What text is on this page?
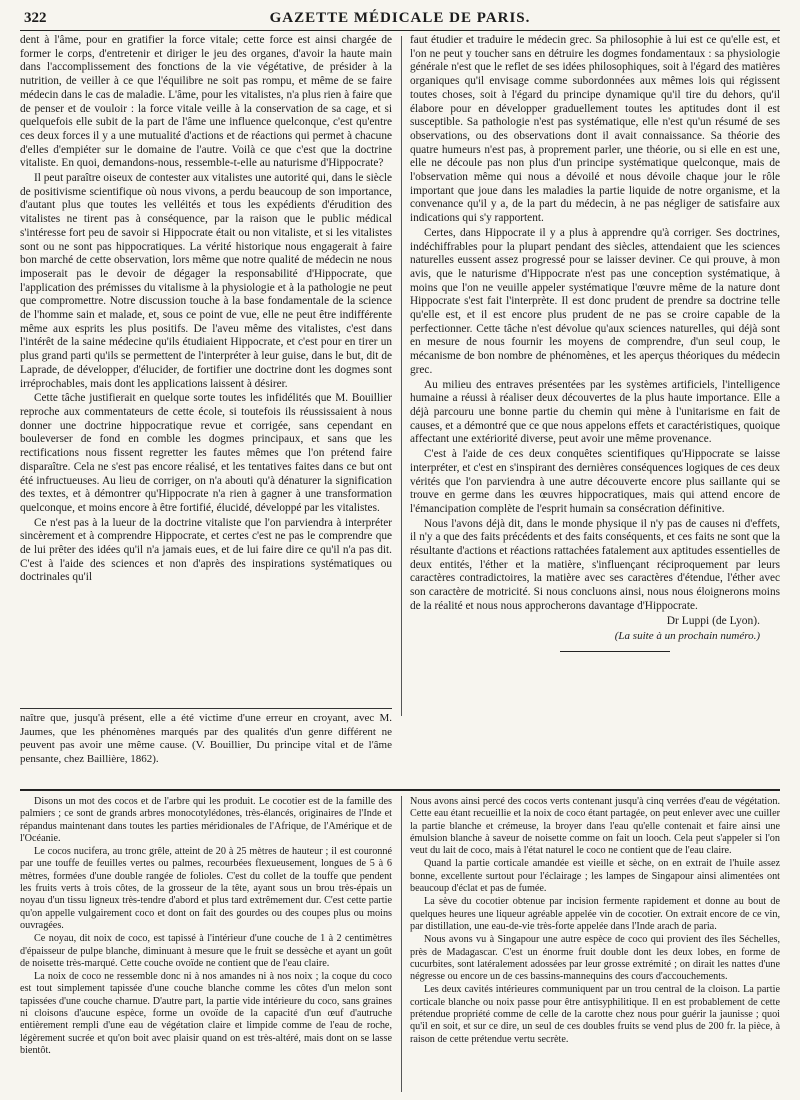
322	GAZETTE MÉDICALE DE PARIS.

dent à l'âme, pour en gratifier la force vitale; cette force est ainsi chargée de former le corps, d'entretenir et diriger le jeu des organes, d'avoir la haute main dans l'accomplissement des fonctions de la vie végétative, de présider à la nutrition, de veiller à ce que l'équilibre ne soit pas rompu, et même de se faire médecin dans le cas de maladie. L'âme, pour les vitalistes, n'a plus rien à faire que de penser et de vouloir : la force vitale veille à la conservation de sa cage, et si quelquefois elle subit de la part de l'âme une influence quelconque, c'est qu'entre ces deux forces il y a une mutualité d'actions et de réactions qui permet à chacune d'elles d'empiéter sur le domaine de l'autre. Voilà ce que c'est que la doctrine vitaliste. En quoi, demandons-nous, ressemble-t-elle au naturisme d'Hippocrate?

Il peut paraître oiseux de contester aux vitalistes une autorité qui, dans le siècle de positivisme scientifique où nous vivons, a perdu beaucoup de son importance, d'autant plus que toutes les velléités et tous les expédients d'érudition des vitalistes ne tirent pas à conséquence, par la raison que le public médical s'intéresse fort peu de savoir si Hippocrate était ou non vitaliste, et si les vitalistes sont ou ne sont pas hippocratiques. La vérité historique nous engagerait à faire bon marché de cette observation, lors même que notre qualité de médecin ne nous imposerait pas le devoir de dégager la responsabilité d'Hippocrate, que l'application des prémisses du vitalisme à la physiologie et à la pathologie ne peut que compromettre. Notre discussion touche à la base fondamentale de la science de l'homme sain et malade, et, sous ce point de vue, elle ne peut être indifférente même aux esprits les plus positifs. De l'aveu même des vitalistes, c'est dans l'intérêt de la saine médecine qu'ils étudiaient Hippocrate, et c'est pour en tirer un plus grand parti qu'ils se permettent de l'interpréter à leur guise, dans le but, dit de Laprade, de développer, d'élucider, de fortifier une doctrine dont les dogmes sont irréprochables, mais dont les applications laissent à désirer.

Cette tâche justifierait en quelque sorte toutes les infidélités que M. Bouillier reproche aux commentateurs de cette école, si toutefois ils réussissaient à nous donner une doctrine hippocratique revue et corrigée, sans cependant en bouleverser de fond en comble les dogmes principaux, et sans que les rectifications nous fissent regretter les fautes mêmes que l'on prétend faire disparaître. Cela ne s'est pas encore réalisé, et les tentatives faites dans ce but ont été infructueuses. Au lieu de corriger, on n'a abouti qu'à dénaturer la signification des textes, et à démontrer qu'Hippocrate n'a rien à gagner à une transformation quelconque, et moins encore à être fortifié, élucidé, développé par les vitalistes.

Ce n'est pas à la lueur de la doctrine vitaliste que l'on parviendra à interpréter sincèrement et à comprendre Hippocrate, et certes c'est ne pas le comprendre que de lui prêter des idées qu'il n'a jamais eues, et de lui faire dire ce qu'il n'a pas dit. C'est à l'aide des sciences et non d'après des inspirations systématiques ou doctrinales qu'il

faut étudier et traduire le médecin grec. Sa philosophie à lui est ce qu'elle est, et l'on ne peut y toucher sans en détruire les dogmes fondamentaux : sa physiologie générale n'est que le reflet de ses idées philosophiques, soit à l'égard des matières organiques qu'il envisage comme subordonnées aux mêmes lois qui régissent toutes choses, soit à l'égard du principe dynamique qu'il tire du dehors, qu'il élabore pour en développer graduellement toutes les aptitudes dont il est susceptible. Sa pathologie n'est pas systématique, elle n'est qu'un résumé de ses observations, ou des observations dont il avait connaissance. Sa théorie des quatre humeurs n'est pas, à proprement parler, une théorie, ou si elle en est une, elle ne découle pas non plus d'un principe systématique quelconque, mais de l'observation même qui nous a dévoilé et nous dévoile chaque jour le rôle important que joue dans les maladies la partie liquide de notre organisme, et la convenance qu'il y a, de la part du médecin, à ne pas négliger de satisfaire aux indications qui s'y rapportent.

Certes, dans Hippocrate il y a plus à apprendre qu'à corriger. Ses doctrines, indéchiffrables pour la plupart pendant des siècles, attendaient que les sciences naturelles eussent assez progressé pour se laisser deviner. Ce qui prouve, à mon avis, que le naturisme d'Hippocrate n'est pas une conception systématique, à moins que l'on ne veuille appeler systématique l'œuvre même de la nature dont Hippocrate s'est fait l'interprète. Il est donc prudent de prendre sa doctrine telle qu'elle est, et il est encore plus prudent de ne pas se croire capable de la perfectionner. Cette tâche n'est dévolue qu'aux sciences naturelles, qui déjà sont en mesure de nous fournir les moyens de comprendre, d'un seul coup, le mécanisme de bon nombre de phénomènes, et les aperçus théoriques du médecin grec.

Au milieu des entraves présentées par les systèmes artificiels, l'intelligence humaine a réussi à réaliser deux découvertes de la plus haute importance. Elle a déjà parcouru une bonne partie du chemin qui mène à l'unitarisme en fait de causes, et a démontré que ce que nous appelons effets et caractéristiques, quoique affectant une extériorité diverse, peut avoir une même provenance.

C'est à l'aide de ces deux conquêtes scientifiques qu'Hippocrate se laisse interpréter, et c'est en s'inspirant des dernières conséquences logiques de ces deux vérités que l'on parviendra à une autre découverte encore plus saillante qui se trouve en germe dans les œuvres hippocratiques, mais qui attend encore de l'émancipation complète de l'esprit humain sa consécration définitive.

Nous l'avons déjà dit, dans le monde physique il n'y pas de causes ni d'effets, il n'y a que des faits précédents et des faits conséquents, et ces faits ne sont que la résultante d'actions et réactions rattachées fatalement aux aptitudes essentielles de deux entités, l'éther et la matière, s'influençant réciproquement par leurs caractères contradictoires, la matière avec ses caractères d'étendue, l'éther avec son caractère de motricité. Si nous concluons ainsi, nous nous éloignerons moins de la réalité et nous nous approcherons davantage d'Hippocrate.

Dr Luppi (de Lyon).
(La suite à un prochain numéro.)
naître que, jusqu'à présent, elle a été victime d'une erreur en croyant, avec M. Jaumes, que les phénomènes marqués par des qualités d'un genre différent ne peuvent pas avoir une même cause. (V. Bouillier, Du principe vital et de l'âme pensante, chez Baillière, 1862).

Disons un mot des cocos et de l'arbre qui les produit. Le cocotier est de la famille des palmiers ; ce sont de grands arbres monocotylédones, très-élancés, originaires de l'Inde et répandus maintenant dans toutes les parties méridionales de l'Afrique, de l'Amérique et de l'Océanie.

Le cocos nucifera, au tronc grêle, atteint de 20 à 25 mètres de hauteur ; il est couronné par une touffe de feuilles vertes ou palmes, recourbées flexueusement, longues de 5 à 6 mètres, formées d'une double rangée de folioles. C'est du collet de la touffe que pendent les fruits verts à trois côtes, de la grosseur de la tête, ayant sous un brou très-épais un noyau d'un tissu ligneux très-tendre d'abord et plus tard extrêmement dur. C'est cette partie qu'on appelle vulgairement coco et dont on fait des gourdes ou des coupes plus ou moins ouvragées.

Ce noyau, dit noix de coco, est tapissé à l'intérieur d'une couche de 1 à 2 centimètres d'épaisseur de pulpe blanche, diminuant à mesure que le fruit se dessèche et ayant un goût de noisette très-marqué. Cette couche ovoïde ne contient que de l'eau claire.

La noix de coco ne ressemble donc ni à nos amandes ni à nos noix ; la coque du coco est tout simplement tapissée d'une couche blanche comme les côtes d'un melon sont tapissées d'une couche charnue. D'autre part, la partie vide intérieure du coco, sans graines ni cloisons d'aucune espèce, forme un ovoïde de la capacité d'un œuf d'autruche entièrement rempli d'une eau de végétation claire et limpide comme de l'eau de roche, légèrement sucrée et qu'on boit avec plaisir quand on est très-altéré, mais dont on se lasse bientôt.

Nous avons ainsi percé des cocos verts contenant jusqu'à cinq verrées d'eau de végétation. Cette eau étant recueillie et la noix de coco étant partagée, on peut enlever avec une cuiller la partie blanche et crémeuse, la broyer dans l'eau qu'elle contenait et faire ainsi une émulsion blanche à saveur de noisette comme on fait un looch. Cela peut s'appeler si l'on veut du lait de coco, mais à l'état naturel le coco ne contient que de l'eau claire.

Quand la partie corticale amandée est vieille et sèche, on en extrait de l'huile assez bonne, excellente surtout pour l'éclairage ; les lampes de Singapour ainsi alimentées ont beaucoup d'éclat et pas de fumée.

La sève du cocotier obtenue par incision fermente rapidement et donne au bout de quelques heures une liqueur agréable appelée vin de cocotier. On extrait encore de ce vin, par distillation, une eau-de-vie très-forte appelée dans l'Inde arach de paria.

Nous avons vu à Singapour une autre espèce de coco qui provient des îles Séchelles, près de Madagascar. C'est un énorme fruit double dont les deux lobes, en forme de cucurbites, sont latéralement adossées par leur grosse extrémité ; on dirait les nattes d'une négresse ou encore un de ces bassins-mannequins des cours d'accouchements.

Les deux cavités intérieures communiquent par un trou central de la cloison. La partie corticale blanche ou noix passe pour être antisyphilitique. Il en est probablement de cette prétendue propriété comme de celle de la carotte chez nous pour guérir la jaunisse ; quoi qu'il en soit, et sur ce dire, un seul de ces doubles fruits se vend plus de 200 fr. la pièce, à raison de cette prétendue vertu secrète.
